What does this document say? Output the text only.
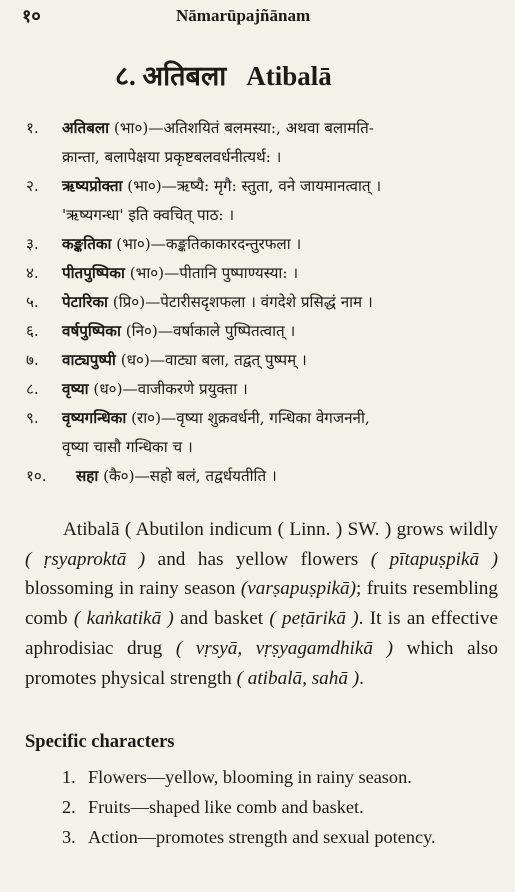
१०	Nāmarūpajñānam
८. अतिबला Atibalā
१. अतिबला (भा०)—अतिशयितं बलमस्या:, अथवा बलामति-
क्रान्ता, बलापेक्षया प्रकृष्टबलवर्धनीत्यर्थ: ।
२. ऋष्यप्रोक्ता (भा०)—ऋष्यै: मृगै: स्तुता, वने जायमानत्वात् ।
'ऋष्यगन्धा' इति क्वचित् पाठ: ।
३. कङ्कतिका (भा०)—कङ्कतिकाकारदन्तुरफला ।
४. पीतपुष्पिका (भा०)—पीतानि पुष्पाण्यस्या: ।
५. पेटारिका (प्रि०)—पेटारीसदृशफला । वंगदेशे प्रसिद्धं नाम ।
६. वर्षपुष्पिका (नि०)—वर्षाकाले पुष्पितत्वात् ।
७. वाट्यपुष्पी (ध०)—वाट्या बला, तद्वत् पुष्पम् ।
८. वृष्या (ध०)—वाजीकरणे प्रयुक्ता ।
९. वृष्यगन्धिका (रा०)—वृष्या शुक्रवर्धनी, गन्धिका वेगजननी,
वृष्या चासौ गन्धिका च ।
१०. सहा (कै०)—सहो बलं, तद्वर्धयतीति ।

Atibalā ( Abutilon indicum ( Linn. ) SW. ) grows wildly ( ṛsyaproktā ) and has yellow flowers ( pītapuṣpikā ) blossoming in rainy season (varṣapuṣpikā); fruits resembling comb ( kaṅkatikā ) and basket ( peṭārikā ). It is an effective aphrodisiac drug ( vṛsyā, vṛṣyagamdhikā ) which also promotes physical strength ( atibalā, sahā ).

Specific characters
1. Flowers—yellow, blooming in rainy season.
2. Fruits—shaped like comb and basket.
3. Action—promotes strength and sexual potency.
